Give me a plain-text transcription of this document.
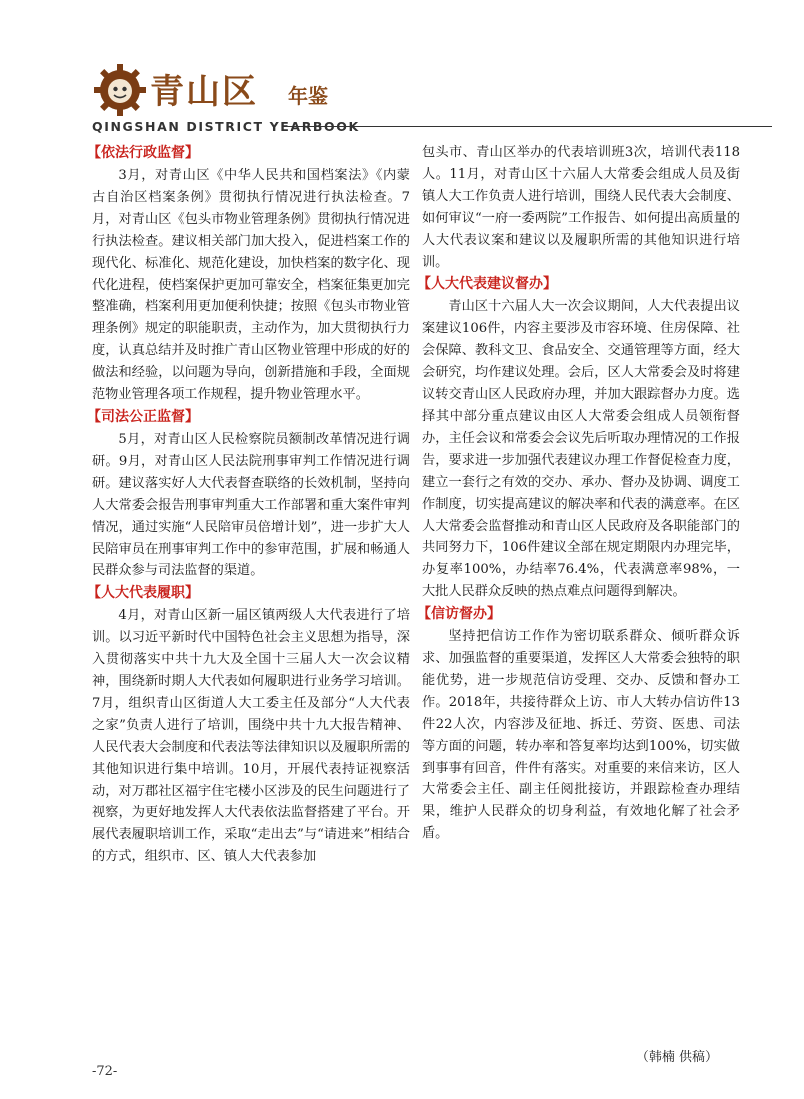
青山区 年鉴
QINGSHAN DISTRICT YEARBOOK
【依法行政监督】

3月，对青山区《中华人民共和国档案法》《内蒙古自治区档案条例》贯彻执行情况进行执法检查。7月，对青山区《包头市物业管理条例》贯彻执行情况进行执法检查。建议相关部门加大投入，促进档案工作的现代化、标准化、规范化建设，加快档案的数字化、现代化进程，使档案保护更加可靠安全，档案征集更加完整准确，档案利用更加便利快捷；按照《包头市物业管理条例》规定的职能职责，主动作为，加大贯彻执行力度，认真总结并及时推广青山区物业管理中形成的好的做法和经验，以问题为导向，创新措施和手段，全面规范物业管理各项工作规程，提升物业管理水平。

【司法公正监督】

5月，对青山区人民检察院员额制改革情况进行调研。9月，对青山区人民法院刑事审判工作情况进行调研。建议落实好人大代表督查联络的长效机制，坚持向人大常委会报告刑事审判重大工作部署和重大案件审判情况，通过实施“人民陪审员倍增计划”，进一步扩大人民陪审员在刑事审判工作中的参审范围，扩展和畅通人民群众参与司法监督的渠道。

【人大代表履职】

4月，对青山区新一届区镇两级人大代表进行了培训。以习近平新时代中国特色社会主义思想为指导，深入贯彻落实中共十九大及全国十三届人大一次会议精神，围绕新时期人大代表如何履职进行业务学习培训。7月，组织青山区街道人大工委主任及部分“人大代表之家”负责人进行了培训，围绕中共十九大报告精神、人民代表大会制度和代表法等法律知识以及履职所需的其他知识进行集中培训。10月，开展代表持证视察活动，对万郡社区福宇住宅楼小区涉及的民生问题进行了视察，为更好地发挥人大代表依法监督搭建了平台。开展代表履职培训工作，采取“走出去”与“请进来”相结合的方式，组织市、区、镇人大代表参加

包头市、青山区举办的代表培训班3次，培训代表118人。11月，对青山区十六届人大常委会组成人员及街镇人大工作负责人进行培训，围绕人民代表大会制度、如何审议“一府一委两院”工作报告、如何提出高质量的人大代表议案和建议以及履职所需的其他知识进行培训。

【人大代表建议督办】

青山区十六届人大一次会议期间，人大代表提出议案建议106件，内容主要涉及市容环境、住房保障、社会保障、教科文卫、食品安全、交通管理等方面，经大会研究，均作建议处理。会后，区人大常委会及时将建议转交青山区人民政府办理，并加大跟踪督办力度。选择其中部分重点建议由区人大常委会组成人员领衔督办，主任会议和常委会会议先后听取办理情况的工作报告，要求进一步加强代表建议办理工作督促检查力度，建立一套行之有效的交办、承办、督办及协调、调度工作制度，切实提高建议的解决率和代表的满意率。在区人大常委会监督推动和青山区人民政府及各职能部门的共同努力下，106件建议全部在规定期限内办理完毕，办复率100%，办结率76.4%，代表满意率98%，一大批人民群众反映的热点难点问题得到解决。

【信访督办】

坚持把信访工作作为密切联系群众、倾听群众诉求、加强监督的重要渠道，发挥区人大常委会独特的职能优势，进一步规范信访受理、交办、反馈和督办工作。2018年，共接待群众上访、市人大转办信访件13件22人次，内容涉及征地、拆迁、劳资、医患、司法等方面的问题，转办率和答复率均达到100%，切实做到事事有回音，件件有落实。对重要的来信来访，区人大常委会主任、副主任阅批接访，并跟踪检查办理结果，维护人民群众的切身利益，有效地化解了社会矛盾。

（韩楠 供稿）
-72-
